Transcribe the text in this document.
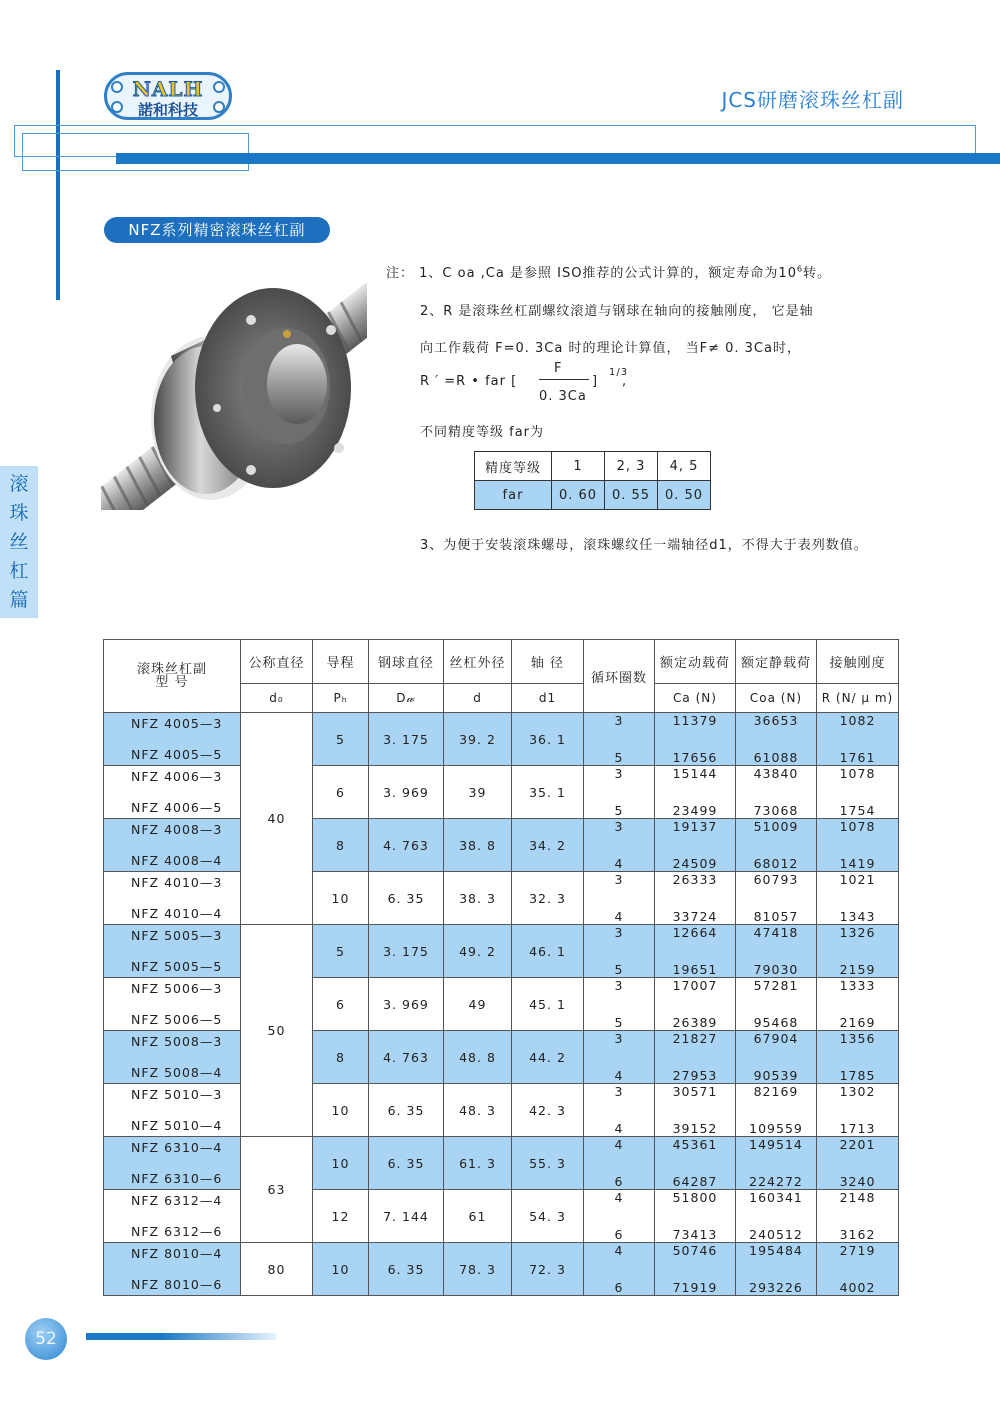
NALH
諾和科技	JCS研磨滚珠丝杠副
NFZ系列精密滚珠丝杠副
注： 1、C oa ,Ca 是参照 ISO推荐的公式计算的，额定寿命为$10^6$转。
2、R 是滚珠丝杠副螺纹滚道与钢球在轴向的接触刚度， 它是轴
向工作载荷 F=0. 3Ca 时的理论计算值， 当F≠ 0. 3Ca时，
R ′ =R • far [
F
0. 3Ca
]
1/3
,
不同精度等级 far为
精度等级	1	2, 3	4, 5
far	0. 60	0. 55	0. 50
3、为便于安装滚珠螺母，滚珠螺纹任一端轴径d1，不得大于表列数值。
滚
珠
丝
杠
篇
滚珠丝杠副
型 号	公称直径	导程	钢球直径	丝杠外径	轴 径	循环圈数	额定动载荷	额定静载荷	接触刚度
	d₀	Pₕ	D𝓌	d	d1		Ca (N)	Coa (N)	R (N/ μ m)
NFZ 4005—3	40	5	3. 175	39. 2	36. 1	3	11379	36653	1082
NFZ 4005—5						5	17656	61088	1761
NFZ 4006—3		6	3. 969	39	35. 1	3	15144	43840	1078
NFZ 4006—5						5	23499	73068	1754
NFZ 4008—3		8	4. 763	38. 8	34. 2	3	19137	51009	1078
NFZ 4008—4						4	24509	68012	1419
NFZ 4010—3		10	6. 35	38. 3	32. 3	3	26333	60793	1021
NFZ 4010—4						4	33724	81057	1343
NFZ 5005—3	50	5	3. 175	49. 2	46. 1	3	12664	47418	1326
NFZ 5005—5						5	19651	79030	2159
NFZ 5006—3		6	3. 969	49	45. 1	3	17007	57281	1333
NFZ 5006—5						5	26389	95468	2169
NFZ 5008—3		8	4. 763	48. 8	44. 2	3	21827	67904	1356
NFZ 5008—4						4	27953	90539	1785
NFZ 5010—3		10	6. 35	48. 3	42. 3	3	30571	82169	1302
NFZ 5010—4						4	39152	109559	1713
NFZ 6310—4	63	10	6. 35	61. 3	55. 3	4	45361	149514	2201
NFZ 6310—6						6	64287	224272	3240
NFZ 6312—4		12	7. 144	61	54. 3	4	51800	160341	2148
NFZ 6312—6						6	73413	240512	3162
NFZ 8010—4	80	10	6. 35	78. 3	72. 3	4	50746	195484	2719
NFZ 8010—6						6	71919	293226	4002
52
